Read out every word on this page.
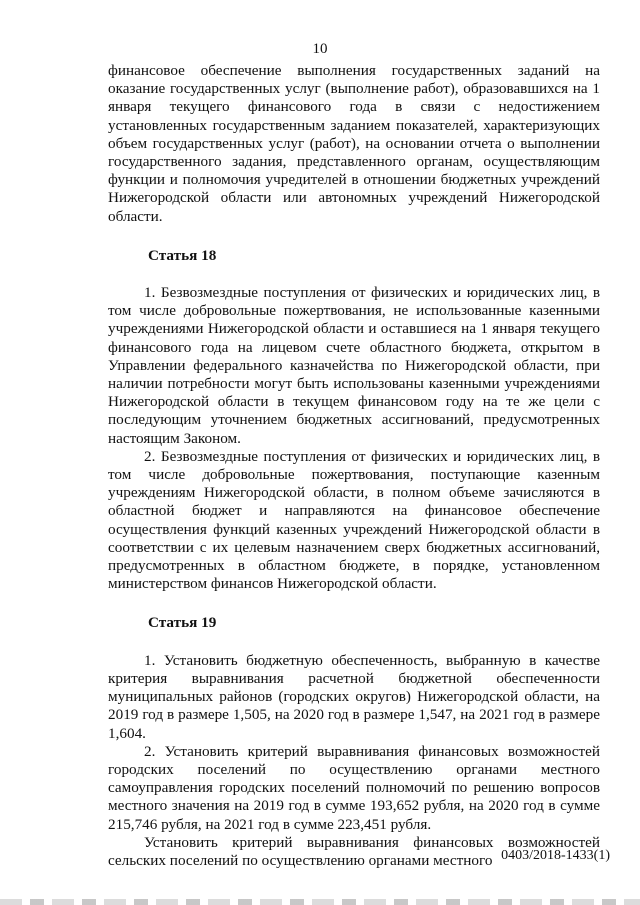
10

финансовое обеспечение выполнения государственных заданий на оказание государственных услуг (выполнение работ), образовавшихся на 1 января текущего финансового года в связи с недостижением установленных государственным заданием показателей, характеризующих объем государственных услуг (работ), на основании отчета о выполнении государственного задания, представленного органам, осуществляющим функции и полномочия учредителей в отношении бюджетных учреждений Нижегородской области или автономных учреждений Нижегородской области.

Статья 18

1. Безвозмездные поступления от физических и юридических лиц, в том числе добровольные пожертвования, не использованные казенными учреждениями Нижегородской области и оставшиеся на 1 января текущего финансового года на лицевом счете областного бюджета, открытом в Управлении федерального казначейства по Нижегородской области, при наличии потребности могут быть использованы казенными учреждениями Нижегородской области в текущем финансовом году на те же цели с последующим уточнением бюджетных ассигнований, предусмотренных настоящим Законом.

2. Безвозмездные поступления от физических и юридических лиц, в том числе добровольные пожертвования, поступающие казенным учреждениям Нижегородской области, в полном объеме зачисляются в областной бюджет и направляются на финансовое обеспечение осуществления функций казенных учреждений Нижегородской области в соответствии с их целевым назначением сверх бюджетных ассигнований, предусмотренных в областном бюджете, в порядке, установленном министерством финансов Нижегородской области.

Статья 19

1. Установить бюджетную обеспеченность, выбранную в качестве критерия выравнивания расчетной бюджетной обеспеченности муниципальных районов (городских округов) Нижегородской области, на 2019 год в размере 1,505, на 2020 год в размере 1,547, на 2021 год в размере 1,604.

2. Установить критерий выравнивания финансовых возможностей городских поселений по осуществлению органами местного самоуправления городских поселений полномочий по решению вопросов местного значения на 2019 год в сумме 193,652 рубля, на 2020 год в сумме 215,746 рубля, на 2021 год в сумме 223,451 рубля.

Установить критерий выравнивания финансовых возможностей сельских поселений по осуществлению органами местного 0403/2018-1433(1)
